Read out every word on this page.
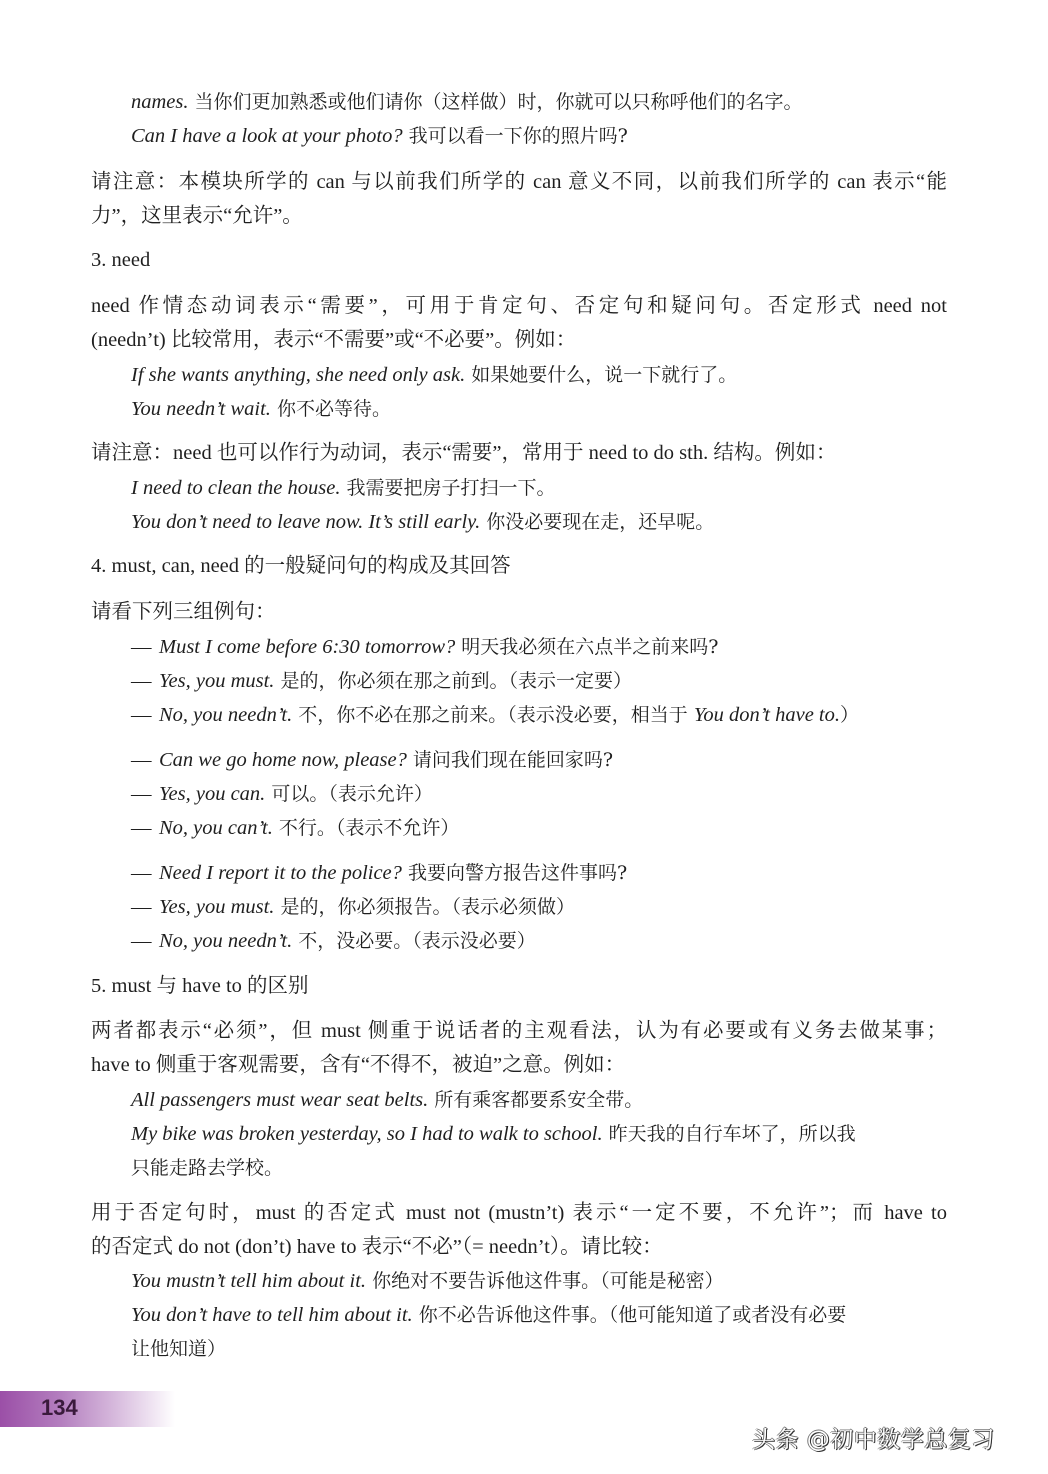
names. 当你们更加熟悉或他们请你（这样做）时，你就可以只称呼他们的名字。
Can I have a look at your photo? 我可以看一下你的照片吗?
请注意：本模块所学的 can 与以前我们所学的 can 意义不同，以前我们所学的 can 表示“能
力”，这里表示“允许”。
3. need
need 作情态动词表示“需要”，可用于肯定句、否定句和疑问句。否定形式 need not
(needn’t) 比较常用，表示“不需要”或“不必要”。例如：
If she wants anything, she need only ask. 如果她要什么，说一下就行了。
You needn’t wait. 你不必等待。
请注意：need 也可以作行为动词，表示“需要”，常用于 need to do sth. 结构。例如：
I need to clean the house. 我需要把房子打扫一下。
You don’t need to leave now. It’s still early. 你没必要现在走，还早呢。
4. must, can, need 的一般疑问句的构成及其回答
请看下列三组例句：
— Must I come before 6:30 tomorrow? 明天我必须在六点半之前来吗?
— Yes, you must. 是的，你必须在那之前到。（表示一定要）
— No, you needn’t. 不，你不必在那之前来。（表示没必要，相当于 You don’t have to.）
— Can we go home now, please? 请问我们现在能回家吗?
— Yes, you can. 可以。（表示允许）
— No, you can’t. 不行。（表示不允许）
— Need I report it to the police? 我要向警方报告这件事吗?
— Yes, you must. 是的，你必须报告。（表示必须做）
— No, you needn’t. 不，没必要。（表示没必要）
5. must 与 have to 的区别
两者都表示“必须”，但 must 侧重于说话者的主观看法，认为有必要或有义务去做某事；
have to 侧重于客观需要，含有“不得不，被迫”之意。例如：
All passengers must wear seat belts. 所有乘客都要系安全带。
My bike was broken yesterday, so I had to walk to school. 昨天我的自行车坏了，所以我
只能走路去学校。
用于否定句时，must 的否定式 must not (mustn’t) 表示“一定不要，不允许”；而 have to
的否定式 do not (don’t) have to 表示“不必”（= needn’t）。请比较：
You mustn’t tell him about it. 你绝对不要告诉他这件事。（可能是秘密）
You don’t have to tell him about it. 你不必告诉他这件事。（他可能知道了或者没有必要
让他知道）
134
头条 @初中数学总复习
